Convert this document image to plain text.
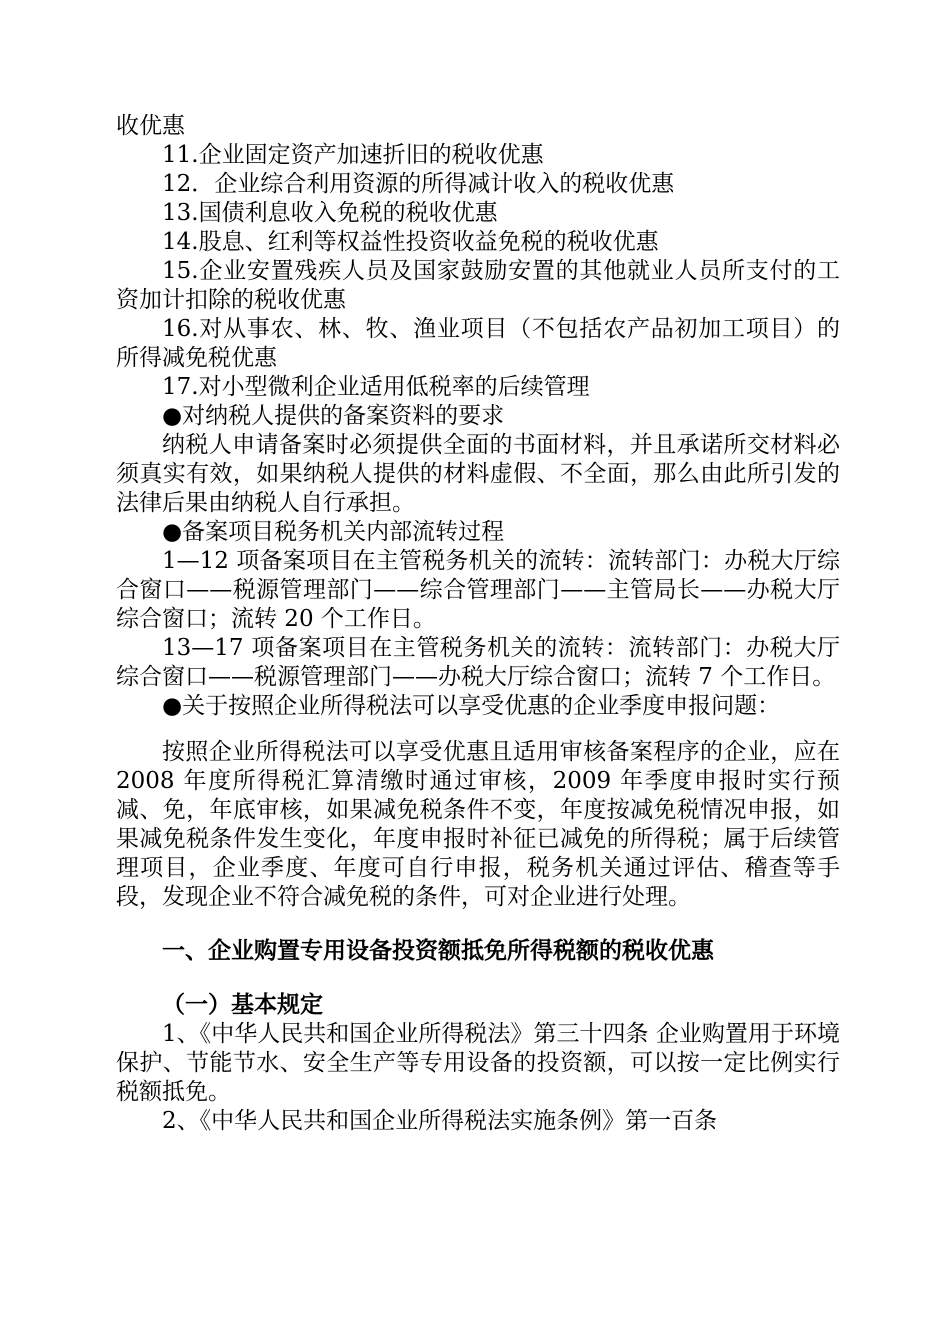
收优惠

11.企业固定资产加速折旧的税收优惠

12．企业综合利用资源的所得减计收入的税收优惠

13.国债利息收入免税的税收优惠

14.股息、红利等权益性投资收益免税的税收优惠

15.企业安置残疾人员及国家鼓励安置的其他就业人员所支付的工资加计扣除的税收优惠

16.对从事农、林、牧、渔业项目（不包括农产品初加工项目）的所得减免税优惠

17.对小型微利企业适用低税率的后续管理

●对纳税人提供的备案资料的要求

纳税人申请备案时必须提供全面的书面材料，并且承诺所交材料必须真实有效，如果纳税人提供的材料虚假、不全面，那么由此所引发的法律后果由纳税人自行承担。

●备案项目税务机关内部流转过程

1—12 项备案项目在主管税务机关的流转：流转部门：办税大厅综合窗口——税源管理部门——综合管理部门——主管局长——办税大厅综合窗口；流转 20 个工作日。

13—17 项备案项目在主管税务机关的流转：流转部门：办税大厅综合窗口——税源管理部门——办税大厅综合窗口；流转 7 个工作日。

●关于按照企业所得税法可以享受优惠的企业季度申报问题：

按照企业所得税法可以享受优惠且适用审核备案程序的企业，应在 2008 年度所得税汇算清缴时通过审核，2009 年季度申报时实行预减、免，年底审核，如果减免税条件不变，年度按减免税情况申报，如果减免税条件发生变化，年度申报时补征已减免的所得税；属于后续管理项目，企业季度、年度可自行申报，税务机关通过评估、稽查等手段，发现企业不符合减免税的条件，可对企业进行处理。

一、企业购置专用设备投资额抵免所得税额的税收优惠

（一）基本规定

1、《中华人民共和国企业所得税法》第三十四条 企业购置用于环境保护、节能节水、安全生产等专用设备的投资额，可以按一定比例实行税额抵免。

2、《中华人民共和国企业所得税法实施条例》第一百条
